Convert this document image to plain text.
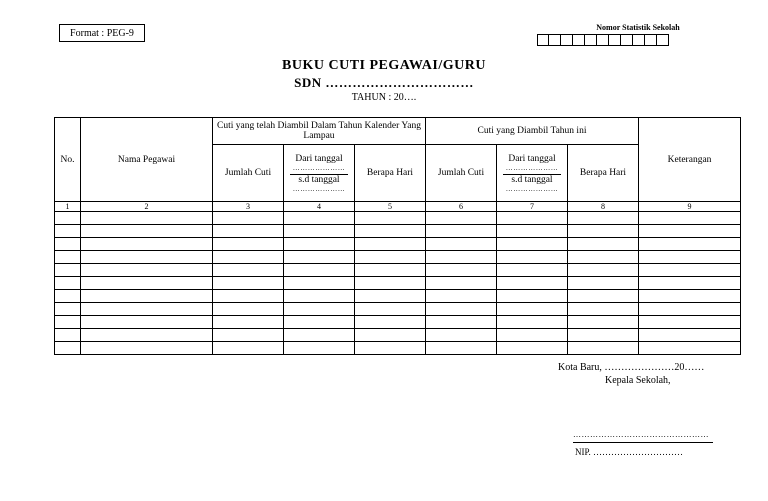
Format : PEG-9
Nomor Statistik Sekolah
BUKU CUTI PEGAWAI/GURU
SDN ……………………………
TAHUN : 20….
No.	Nama Pegawai	Cuti yang telah Diambil Dalam Tahun Kalender Yang Lampau			Cuti yang Diambil Tahun ini			Keterangan
		Jumlah Cuti	Dari tanggal
…………………
s.d tanggal
…………………	Berapa Hari	Jumlah Cuti	Dari tanggal
…………………
s.d tanggal
…………………	Berapa Hari	
1	2	3	4	5	6	7	8	9

Kota Baru, …………………20……
Kepala Sekolah,
…………………………………………
NIP. …………………………
